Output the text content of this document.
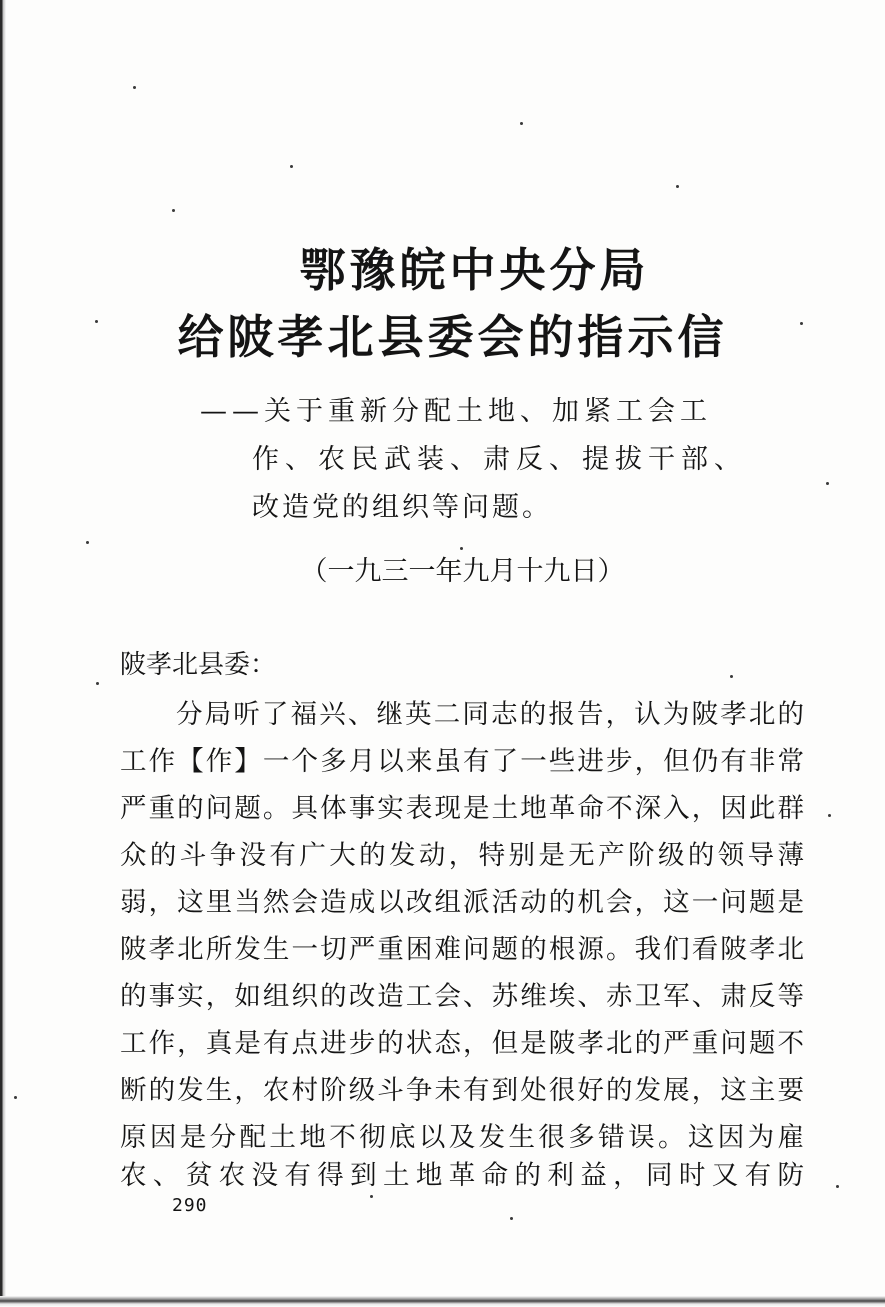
鄂豫皖中央分局
给陂孝北县委会的指示信
——关于重新分配土地、加紧工会工
作、农民武装、肃反、提拔干部、
改造党的组织等问题。
（一九三一年九月十九日）
陂孝北县委：
分局听了福兴、继英二同志的报告，认为陂孝北的
工作【作】一个多月以来虽有了一些进步，但仍有非常
严重的问题。具体事实表现是土地革命不深入，因此群
众的斗争没有广大的发动，特别是无产阶级的领导薄
弱，这里当然会造成以改组派活动的机会，这一问题是
陂孝北所发生一切严重困难问题的根源。我们看陂孝北
的事实，如组织的改造工会、苏维埃、赤卫军、肃反等
工作，真是有点进步的状态，但是陂孝北的严重问题不
断的发生，农村阶级斗争未有到处很好的发展，这主要
原因是分配土地不彻底以及发生很多错误。这因为雇
农、贫农没有得到土地革命的利益，同时又有防
290
